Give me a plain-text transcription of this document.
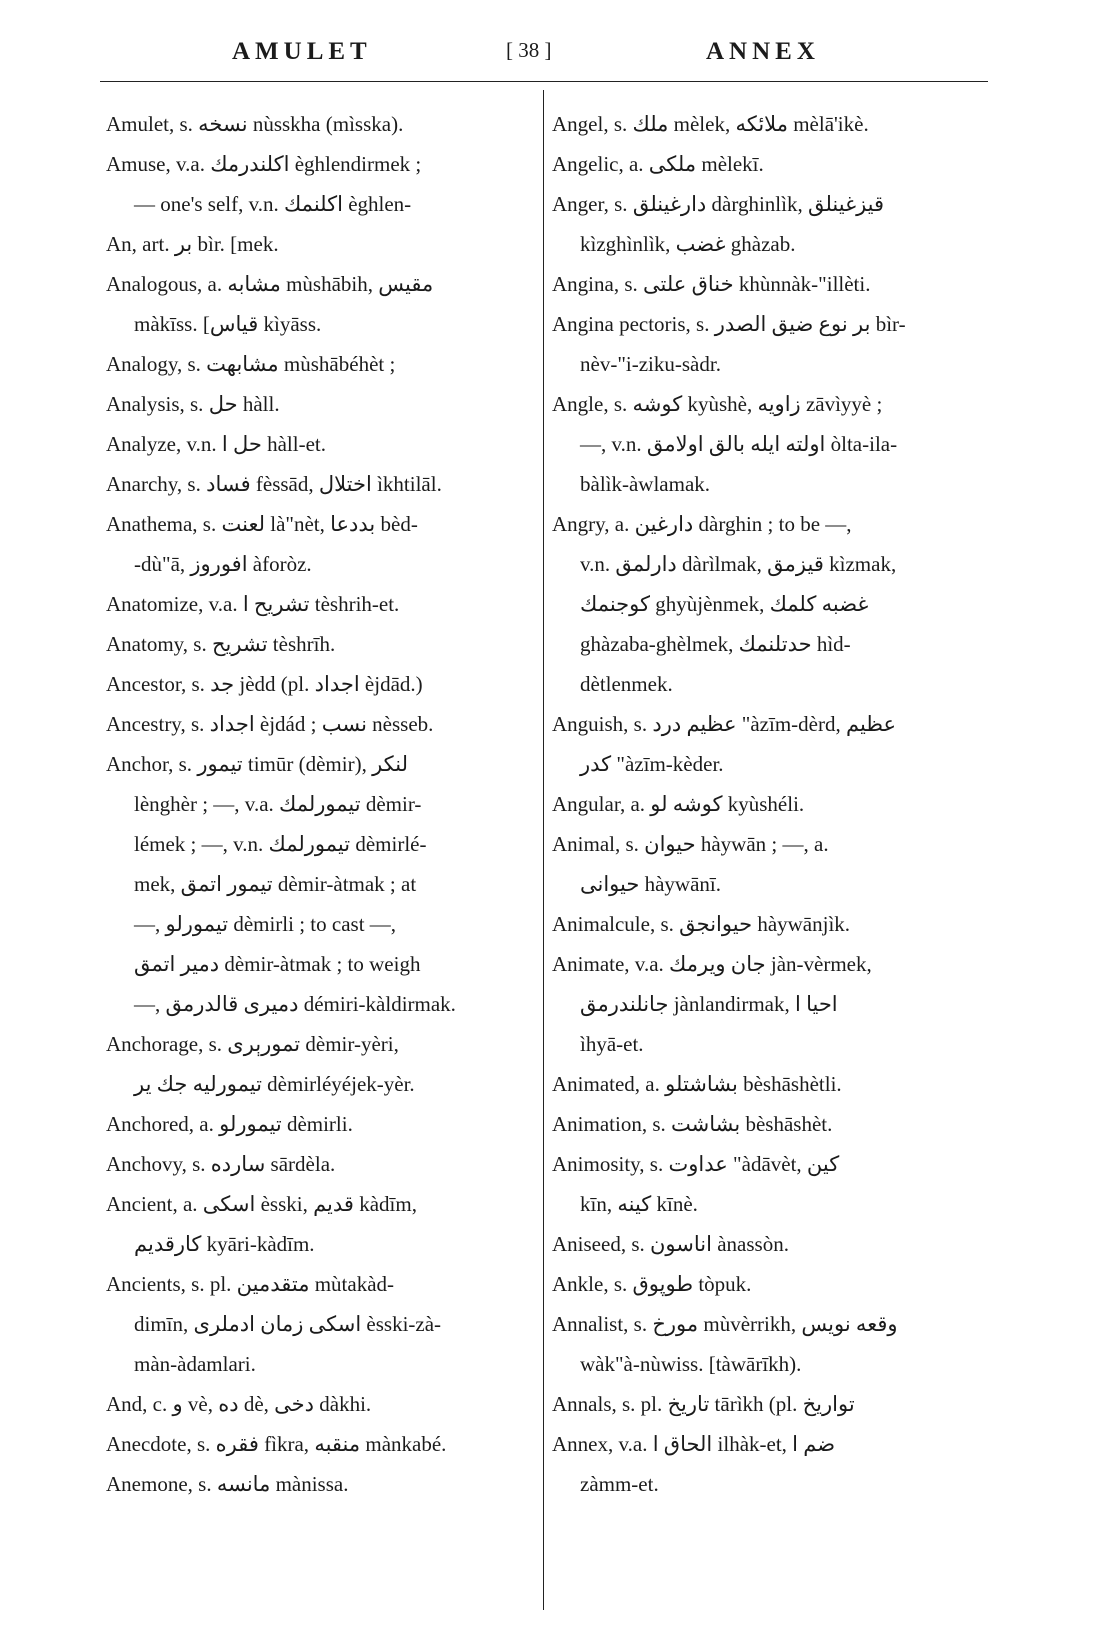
AMULET	[ 38 ]	ANNEX
Amulet, s. نسخه nùsskha (mìsska).
Amuse, v.a. اكلندرمك èghlendirmek ;
— one's self, v.n. اكلنمك èghlen-
An, art. بر bìr. [mek.
Analogous, a. مشابه mùshābih, مقيس
màkīss. [قياس kìyāss.
Analogy, s. مشابهت mùshābéhèt ;
Analysis, s. حل hàll.
Analyze, v.n. حل ا hàll-et.
Anarchy, s. فساد fèssād, اختلال ìkhtilāl.
Anathema, s. لعنت là"nèt, بددعا bèd-
-dù"ā, افوروز àforòz.
Anatomize, v.a. تشريح ا tèshrih-et.
Anatomy, s. تشريح tèshrīh.
Ancestor, s. جد jèdd (pl. اجداد èjdād.)
Ancestry, s. اجداد èjdád ; نسب nèsseb.
Anchor, s. تيمور timūr (dèmir), لنكر
lènghèr ; —, v.a. تيمورلمك dèmir-
lémek ; —, v.n. تيمورلمك dèmirlé-
mek, تيمور اتمق dèmir-àtmak ; at
—, تيمورلو dèmirli ; to cast —,
دمير اتمق dèmir-àtmak ; to weigh
—, دميرى قالدرمق démiri-kàldirmak.
Anchorage, s. تمورېرى dèmir-yèri,
تيمورليه جك ير dèmirléyéjek-yèr.
Anchored, a. تيمورلو dèmirli.
Anchovy, s. سارده sārdèla.
Ancient, a. اسكى èsski, قديم kàdīm,
كارقديم kyāri-kàdīm.
Ancients, s. pl. متقدمين mùtakàd-
dimīn, اسكى زمان ادملرى èsski-zà-
màn-àdamlari.
And, c. و vè, ده dè, دخى dàkhi.
Anecdote, s. فقره fìkra, منقبه mànkabé.
Anemone, s. مانسه mànissa.
Angel, s. ملك mèlek, ملائكه mèlā'ikè.
Angelic, a. ملكى mèlekī.
Anger, s. دارغينلق dàrghinlìk, قيزغينلق
kìzghìnlìk, غضب ghàzab.
Angina, s. خناق علتى khùnnàk-"illèti.
Angina pectoris, s. بر نوع ضيق الصدر bìr-
nèv-"i-ziku-sàdr.
Angle, s. كوشه kyùshè, زاويه zāvìyyè ;
—, v.n. اولته ايله بالق اولامق òlta-ila-
bàlìk-àwlamak.
Angry, a. دارغين dàrghin ; to be —,
v.n. دارلمق dàrìlmak, قيزمق kìzmak,
كوجنمك ghyùjènmek, غضبه كلمك
ghàzaba-ghèlmek, حدتلنمك hìd-
dètlenmek.
Anguish, s. عظيم درد "àzīm-dèrd, عظيم
كدر "àzīm-kèder.
Angular, a. كوشه لو kyùshéli.
Animal, s. حيوان hàywān ; —, a.
حيوانى hàywānī.
Animalcule, s. حيوانجق hàywānjìk.
Animate, v.a. جان ويرمك jàn-vèrmek,
جانلندرمق jànlandirmak, احيا ا
ìhyā-et.
Animated, a. بشاشتلو bèshāshètli.
Animation, s. بشاشت bèshāshèt.
Animosity, s. عداوت "àdāvèt, كين
kīn, كينه kīnè.
Aniseed, s. اناسون ànassòn.
Ankle, s. طوپوق tòpuk.
Annalist, s. مورخ mùvèrrikh, وقعه نويس
wàk"à-nùwiss. [tàwārīkh).
Annals, s. pl. تاريخ tārìkh (pl. تواريخ
Annex, v.a. الحاق ا ilhàk-et, ضم ا
zàmm-et.
